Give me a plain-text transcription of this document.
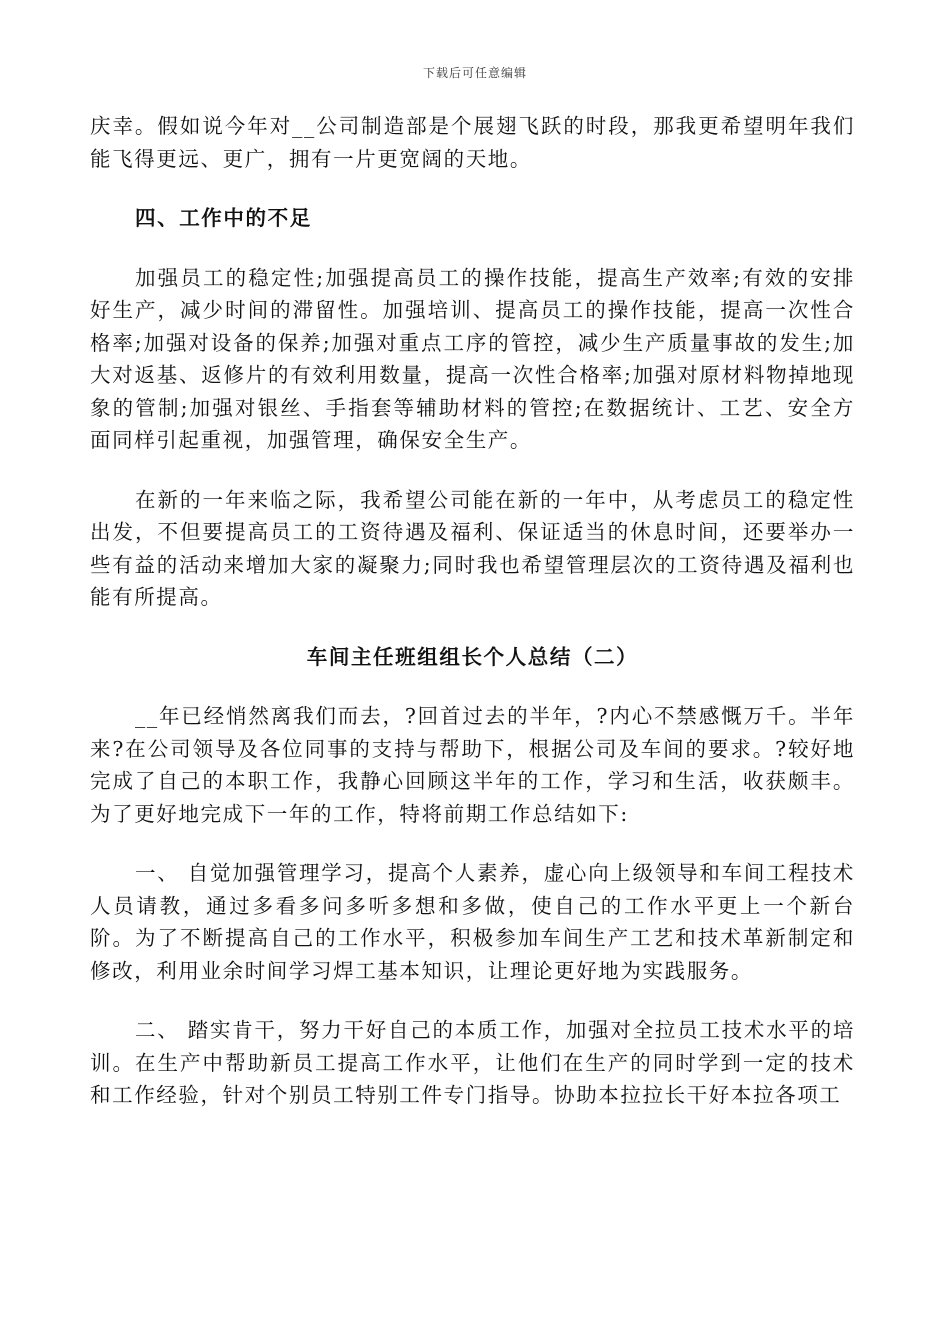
下载后可任意编辑

庆幸。假如说今年对__公司制造部是个展翅飞跃的时段，那我更希望明年我们能飞得更远、更广，拥有一片更宽阔的天地。

四、工作中的不足

加强员工的稳定性;加强提高员工的操作技能，提高生产效率;有效的安排好生产，减少时间的滞留性。加强培训、提高员工的操作技能，提高一次性合格率;加强对设备的保养;加强对重点工序的管控，减少生产质量事故的发生;加大对返基、返修片的有效利用数量，提高一次性合格率;加强对原材料物掉地现象的管制;加强对银丝、手指套等辅助材料的管控;在数据统计、工艺、安全方面同样引起重视，加强管理，确保安全生产。

在新的一年来临之际，我希望公司能在新的一年中，从考虑员工的稳定性出发，不但要提高员工的工资待遇及福利、保证适当的休息时间，还要举办一些有益的活动来增加大家的凝聚力;同时我也希望管理层次的工资待遇及福利也能有所提高。

车间主任班组组长个人总结（二）

__年已经悄然离我们而去，?回首过去的半年，?内心不禁感慨万千。半年来?在公司领导及各位同事的支持与帮助下，根据公司及车间的要求。?较好地完成了自己的本职工作，我静心回顾这半年的工作，学习和生活，收获颇丰。为了更好地完成下一年的工作，特将前期工作总结如下:

一、 自觉加强管理学习，提高个人素养，虚心向上级领导和车间工程技术人员请教，通过多看多问多听多想和多做，使自己的工作水平更上一个新台阶。为了不断提高自己的工作水平，积极参加车间生产工艺和技术革新制定和修改，利用业余时间学习焊工基本知识，让理论更好地为实践服务。

二、 踏实肯干，努力干好自己的本质工作，加强对全拉员工技术水平的培训。在生产中帮助新员工提高工作水平，让他们在生产的同时学到一定的技术和工作经验，针对个别员工特别工件专门指导。协助本拉拉长干好本拉各项工
